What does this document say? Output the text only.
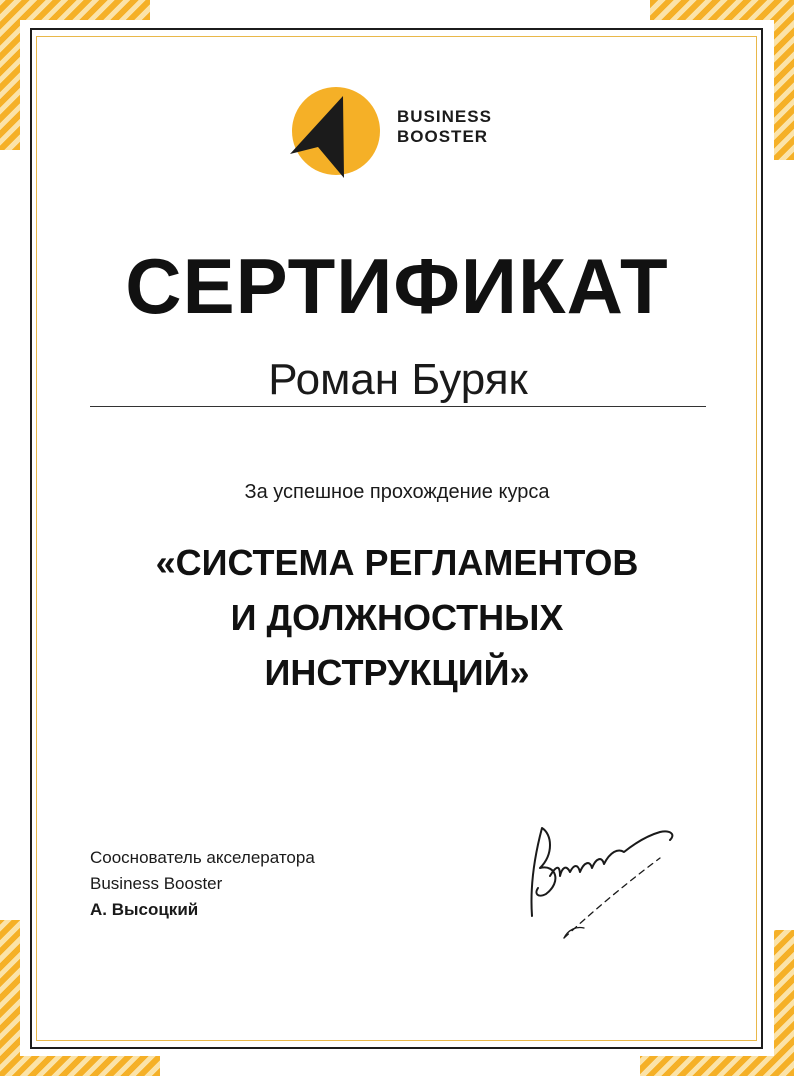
BUSINESS
BOOSTER
СЕРТИФИКАТ
Роман Буряк
За успешное прохождение курса
«СИСТЕМА РЕГЛАМЕНТОВ
И ДОЛЖНОСТНЫХ
ИНСТРУКЦИЙ»
Сооснователь акселератора
Business Booster
А. Высоцкий
